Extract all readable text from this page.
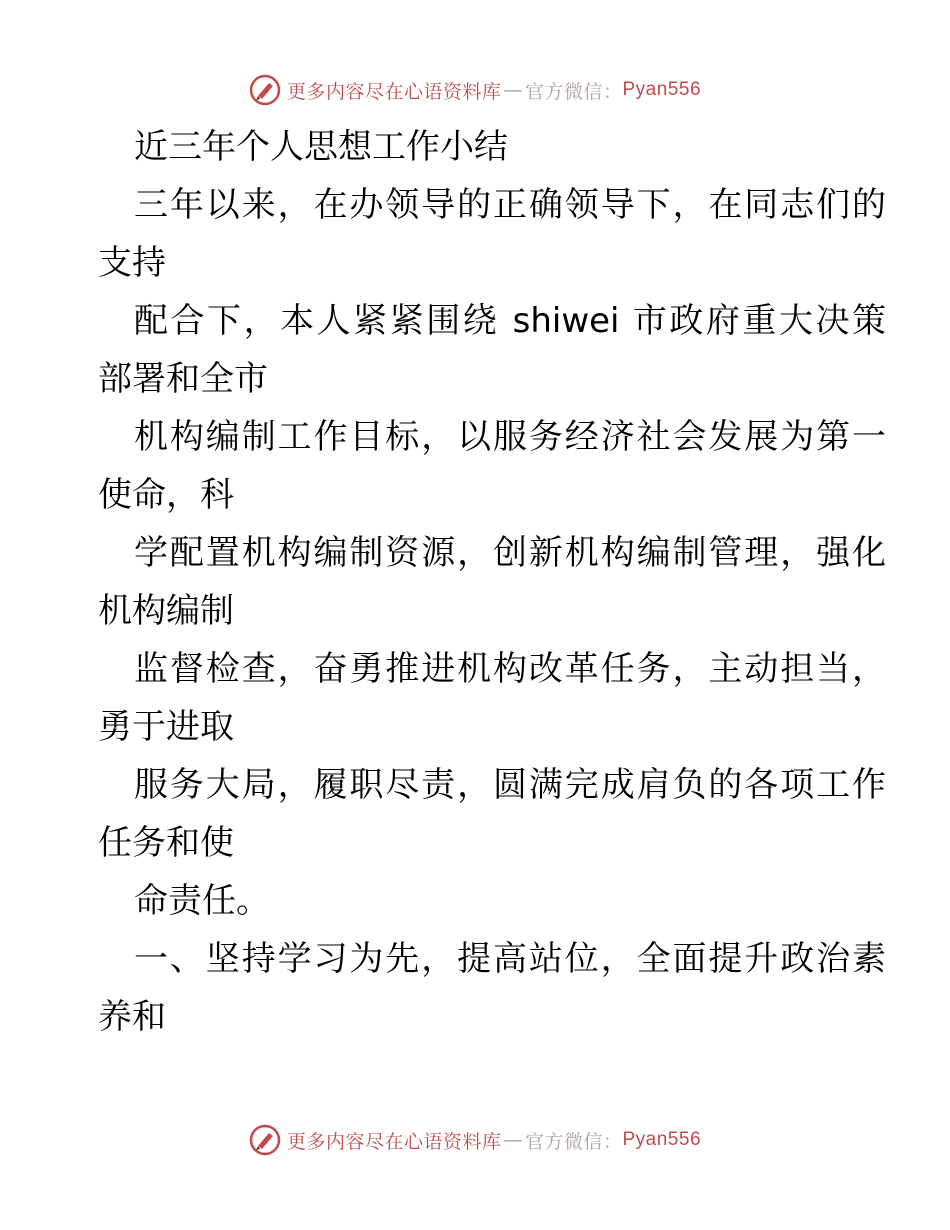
更多内容尽在心语资料库 — 官方微信： Pyan556
近三年个人思想工作小结
三年以来，在办领导的正确领导下，在同志们的
支持
配合下，本人紧紧围绕 shiwei 市政府重大决策
部署和全市
机构编制工作目标，以服务经济社会发展为第一
使命，科
学配置机构编制资源，创新机构编制管理，强化
机构编制
监督检查，奋勇推进机构改革任务，主动担当，
勇于进取
服务大局，履职尽责，圆满完成肩负的各项工作
任务和使
命责任。
一、坚持学习为先，提高站位，全面提升政治素
养和
更多内容尽在心语资料库 — 官方微信： Pyan556
